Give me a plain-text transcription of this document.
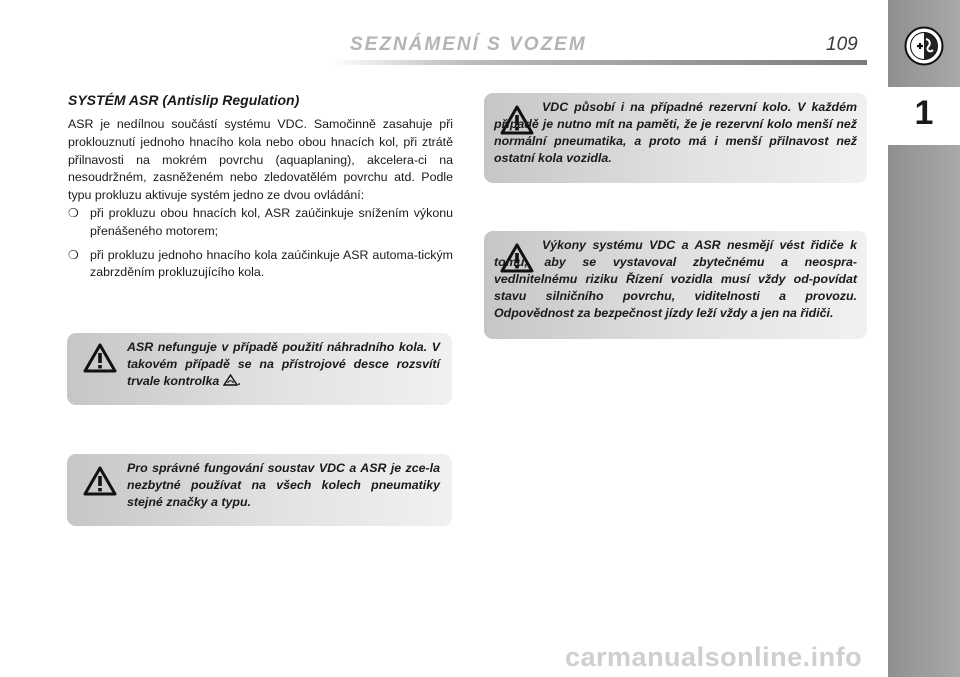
SEZNÁMENÍ S VOZEM	109
1
SYSTÉM ASR (Antislip Regulation)

ASR je nedílnou součástí systému VDC. Samočinně zasahuje při proklouznutí jednoho hnacího kola nebo obou hnacích kol, při ztrátě přilnavosti na mokrém povrchu (aquaplaning), akcelera-ci na nesoudržném, zasněženém nebo zledovatělém povrchu atd. Podle typu prokluzu aktivuje systém jedno ze dvou ovládání:

❍ při prokluzu obou hnacích kol, ASR zaúčinkuje snížením výkonu přenášeného motorem;
❍ při prokluzu jednoho hnacího kola zaúčinkuje ASR automa-tickým zabrzděním prokluzujícího kola.

ASR nefunguje v případě použití náhradního kola. V takovém případě se na přístrojové desce rozsvítí trvale kontrolka .

Pro správné fungování soustav VDC a ASR je zce-la nezbytné používat na všech kolech pneumatiky stejné značky a typu.

VDC působí i na případné rezervní kolo. V každém případě je nutno mít na paměti, že je rezervní kolo menší než normální pneumatika, a proto má i menší přilnavost než ostatní kola vozidla.

Výkony systému VDC a ASR nesmějí vést řidiče k tomu, aby se vystavoval zbytečnému a neospra-vedlnitelnému riziku Řízení vozidla musí vždy od-povídat stavu silničního povrchu, viditelnosti a provozu. Odpovědnost za bezpečnost jízdy leží vždy a jen na řidiči.

carmanualsonline.info
